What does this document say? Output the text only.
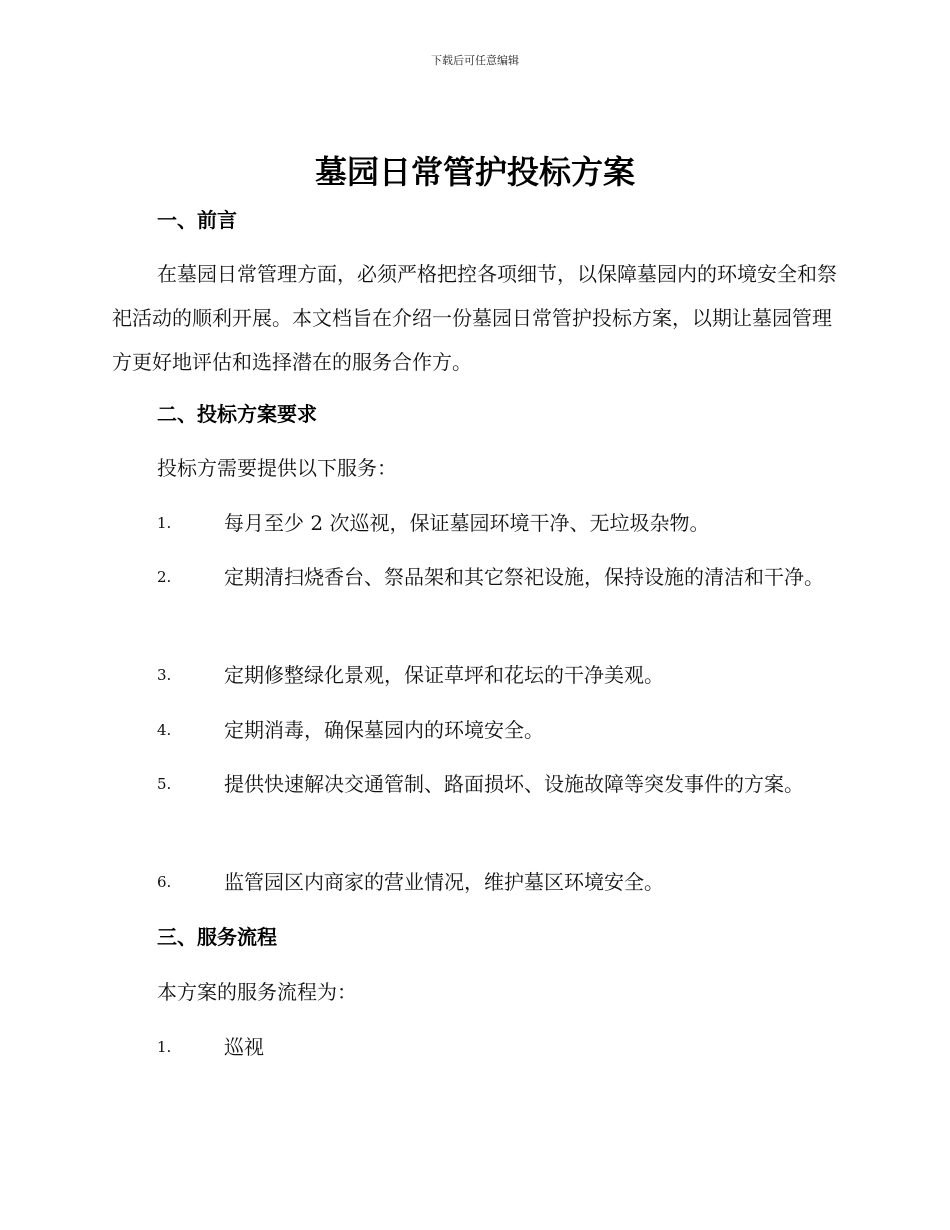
下载后可任意编辑
墓园日常管护投标方案
一、前言

在墓园日常管理方面，必须严格把控各项细节，以保障墓园内的环境安全和祭祀活动的顺利开展。本文档旨在介绍一份墓园日常管护投标方案，以期让墓园管理方更好地评估和选择潜在的服务合作方。

二、投标方案要求
投标方需要提供以下服务：
1.	每月至少 2 次巡视，保证墓园环境干净、无垃圾杂物。
2.	定期清扫烧香台、祭品架和其它祭祀设施，保持设施的清洁和干净。
3.	定期修整绿化景观，保证草坪和花坛的干净美观。
4.	定期消毒，确保墓园内的环境安全。
5.	提供快速解决交通管制、路面损坏、设施故障等突发事件的方案。
6.	监管园区内商家的营业情况，维护墓区环境安全。
三、服务流程
本方案的服务流程为：
1.	巡视
